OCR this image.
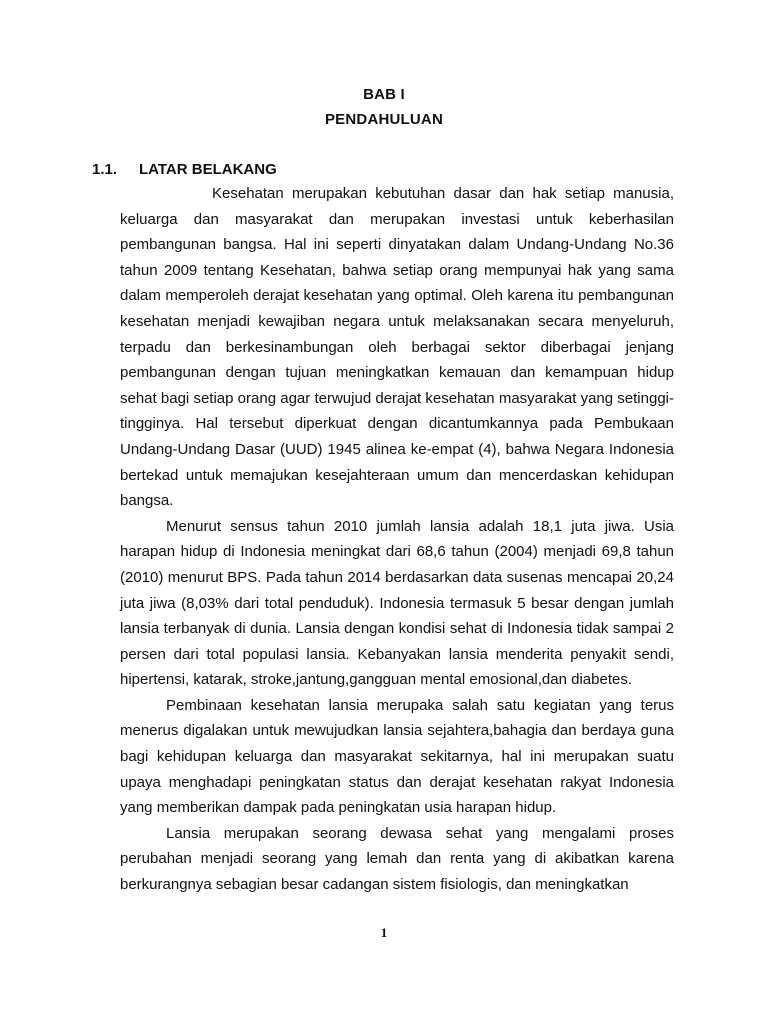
BAB I
PENDAHULUAN
1.1. LATAR BELAKANG

Kesehatan merupakan kebutuhan dasar dan hak setiap manusia, keluarga dan masyarakat dan merupakan investasi untuk keberhasilan pembangunan bangsa. Hal ini seperti dinyatakan dalam Undang-Undang No.36 tahun 2009 tentang Kesehatan, bahwa setiap orang mempunyai hak yang sama dalam memperoleh derajat kesehatan yang optimal. Oleh karena itu pembangunan kesehatan menjadi kewajiban negara untuk melaksanakan secara menyeluruh, terpadu dan berkesinambungan oleh berbagai sektor diberbagai jenjang pembangunan dengan tujuan meningkatkan kemauan dan kemampuan hidup sehat bagi setiap orang agar terwujud derajat kesehatan masyarakat yang setinggi-tingginya. Hal tersebut diperkuat dengan dicantumkannya pada Pembukaan Undang-Undang Dasar (UUD) 1945 alinea ke-empat (4), bahwa Negara Indonesia bertekad untuk memajukan kesejahteraan umum dan mencerdaskan kehidupan bangsa.

Menurut sensus tahun 2010 jumlah lansia adalah 18,1 juta jiwa. Usia harapan hidup di Indonesia meningkat dari 68,6 tahun (2004) menjadi 69,8 tahun (2010) menurut BPS. Pada tahun 2014 berdasarkan data susenas mencapai 20,24 juta jiwa (8,03% dari total penduduk). Indonesia termasuk 5 besar dengan jumlah lansia terbanyak di dunia. Lansia dengan kondisi sehat di Indonesia tidak sampai 2 persen dari total populasi lansia. Kebanyakan lansia menderita penyakit sendi, hipertensi, katarak, stroke,jantung,gangguan mental emosional,dan diabetes.

Pembinaan kesehatan lansia merupaka salah satu kegiatan yang terus menerus digalakan untuk mewujudkan lansia sejahtera,bahagia dan berdaya guna bagi kehidupan keluarga dan masyarakat sekitarnya, hal ini merupakan suatu upaya menghadapi peningkatan status dan derajat kesehatan rakyat Indonesia yang memberikan dampak pada peningkatan usia harapan hidup.

Lansia merupakan seorang dewasa sehat yang mengalami proses perubahan menjadi seorang yang lemah dan renta yang di akibatkan karena berkurangnya sebagian besar cadangan sistem fisiologis, dan meningkatkan

1
